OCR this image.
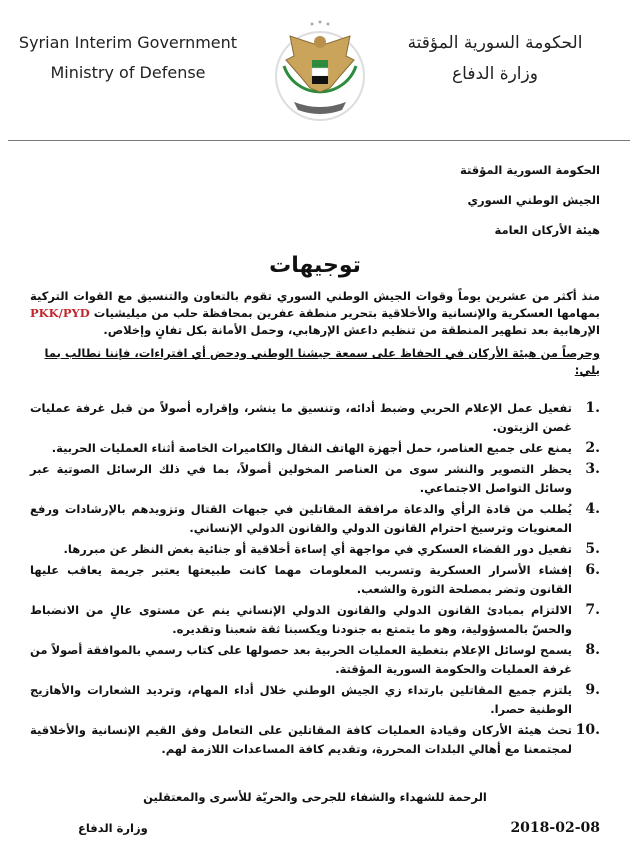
Syrian Interim Government
Ministry of Defense
الحكومة السورية المؤقتة
وزارة الدفاع
الحكومة السورية المؤقتة
الجيش الوطني السوري
هيئة الأركان العامة
توجيهات
منذ أكثر من عشرين يوماً وقوات الجيش الوطني السوري تقوم بالتعاون والتنسيق مع القوات التركية بمهامها العسكرية والإنسانية والأخلاقية بتحرير منطقة عفرين بمحافظة حلب من ميليشيات PKK/PYD الإرهابية بعد تطهير المنطقة من تنظيم داعش الإرهابي، وحمل الأمانة بكل تفانٍ وإخلاص.
وحرصاً من هيئة الأركان في الحفاظ على سمعة جيشنا الوطني ودحض أي افتراءات، فإننا نطالب بما يلي:
.1
تفعيل عمل الإعلام الحربي وضبط أدائه، وتنسيق ما ينشر، وإقراره أصولاً من قبل غرفة عمليات غصن الزيتون.
.2
يمنع على جميع العناصر، حمل أجهزة الهاتف النقال والكاميرات الخاصة أثناء العمليات الحربية.
.3
يحظر التصوير والنشر سوى من العناصر المخولين أصولاً، بما في ذلك الرسائل الصوتية عبر وسائل التواصل الاجتماعي.
.4
يُطلب من قادة الرأي والدعاة مرافقة المقاتلين في جبهات القتال وتزويدهم بالإرشادات ورفع المعنويات وترسيخ احترام القانون الدولي والقانون الدولي الإنساني.
.5
تفعيل دور القضاء العسكري في مواجهة أي إساءة أخلاقية أو جنائية بغض النظر عن مبررها.
.6
إفشاء الأسرار العسكرية وتسريب المعلومات مهما كانت طبيعتها يعتبر جريمة يعاقب عليها القانون وتضر بمصلحة الثورة والشعب.
.7
الالتزام بمبادئ القانون الدولي والقانون الدولي الإنساني ينم عن مستوى عالٍ من الانضباط والحسّ بالمسؤولية، وهو ما يتمتع به جنودنا ويكسبنا ثقة شعبنا وتقديره.
.8
يسمح لوسائل الإعلام بتغطية العمليات الحربية بعد حصولها على كتاب رسمي بالموافقة أصولاً من غرفة العمليات والحكومة السورية المؤقتة.
.9
يلتزم جميع المقاتلين بارتداء زي الجيش الوطني خلال أداء المهام، وترديد الشعارات والأهازيج الوطنية حصرا.
.10
تحث هيئة الأركان وقيادة العمليات كافة المقاتلين على التعامل وفق القيم الإنسانية والأخلاقية لمجتمعنا مع أهالي البلدات المحررة، وتقديم كافة المساعدات اللازمة لهم.
الرحمة للشهداء والشفاء للجرحى والحريّة للأسرى والمعتقلين
وزارة الدفاع	2018-02-08
